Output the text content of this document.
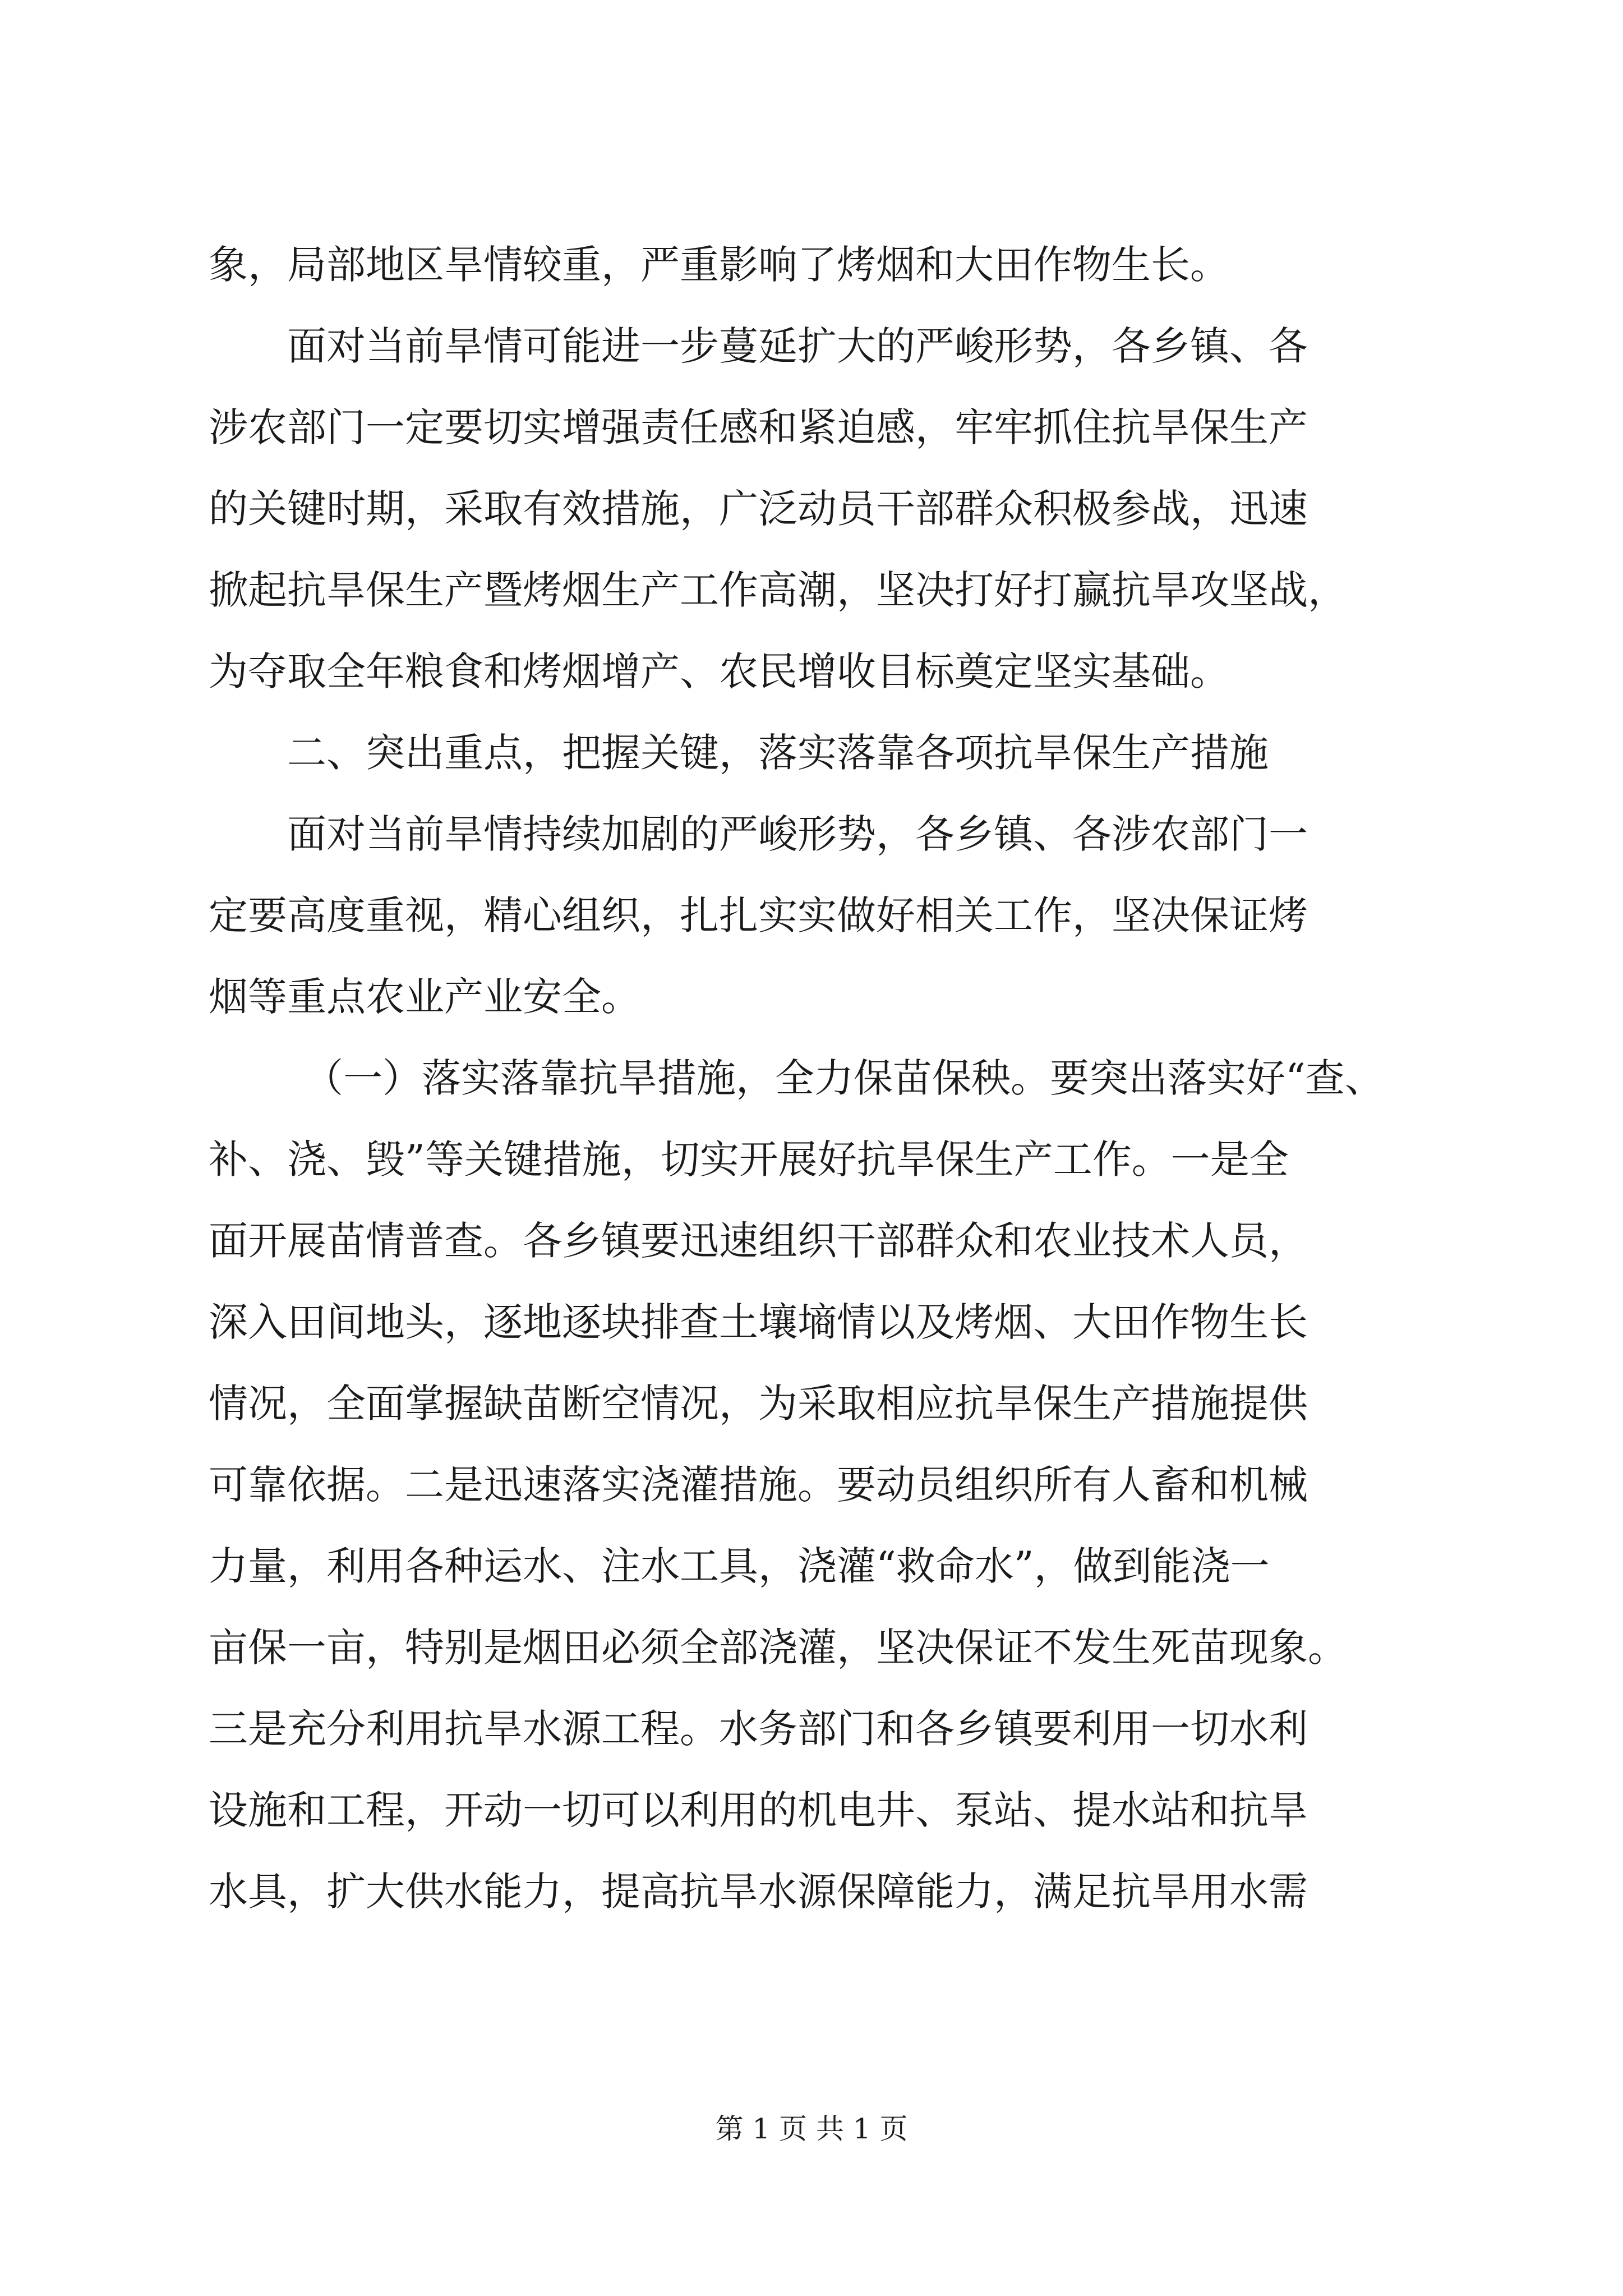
象，局部地区旱情较重，严重影响了烤烟和大田作物生长。
面对当前旱情可能进一步蔓延扩大的严峻形势，各乡镇、各
涉农部门一定要切实增强责任感和紧迫感，牢牢抓住抗旱保生产
的关键时期，采取有效措施，广泛动员干部群众积极参战，迅速
掀起抗旱保生产暨烤烟生产工作高潮，坚决打好打赢抗旱攻坚战，
为夺取全年粮食和烤烟增产、农民增收目标奠定坚实基础。
二、突出重点，把握关键，落实落靠各项抗旱保生产措施
面对当前旱情持续加剧的严峻形势，各乡镇、各涉农部门一
定要高度重视，精心组织，扎扎实实做好相关工作，坚决保证烤
烟等重点农业产业安全。
（一）落实落靠抗旱措施，全力保苗保秧。要突出落实好“查、
补、浇、毁”等关键措施，切实开展好抗旱保生产工作。一是全
面开展苗情普查。各乡镇要迅速组织干部群众和农业技术人员，
深入田间地头，逐地逐块排查土壤墒情以及烤烟、大田作物生长
情况，全面掌握缺苗断空情况，为采取相应抗旱保生产措施提供
可靠依据。二是迅速落实浇灌措施。要动员组织所有人畜和机械
力量，利用各种运水、注水工具，浇灌“救命水”，做到能浇一
亩保一亩，特别是烟田必须全部浇灌，坚决保证不发生死苗现象。
三是充分利用抗旱水源工程。水务部门和各乡镇要利用一切水利
设施和工程，开动一切可以利用的机电井、泵站、提水站和抗旱
水具，扩大供水能力，提高抗旱水源保障能力，满足抗旱用水需
第 1 页 共 1 页
